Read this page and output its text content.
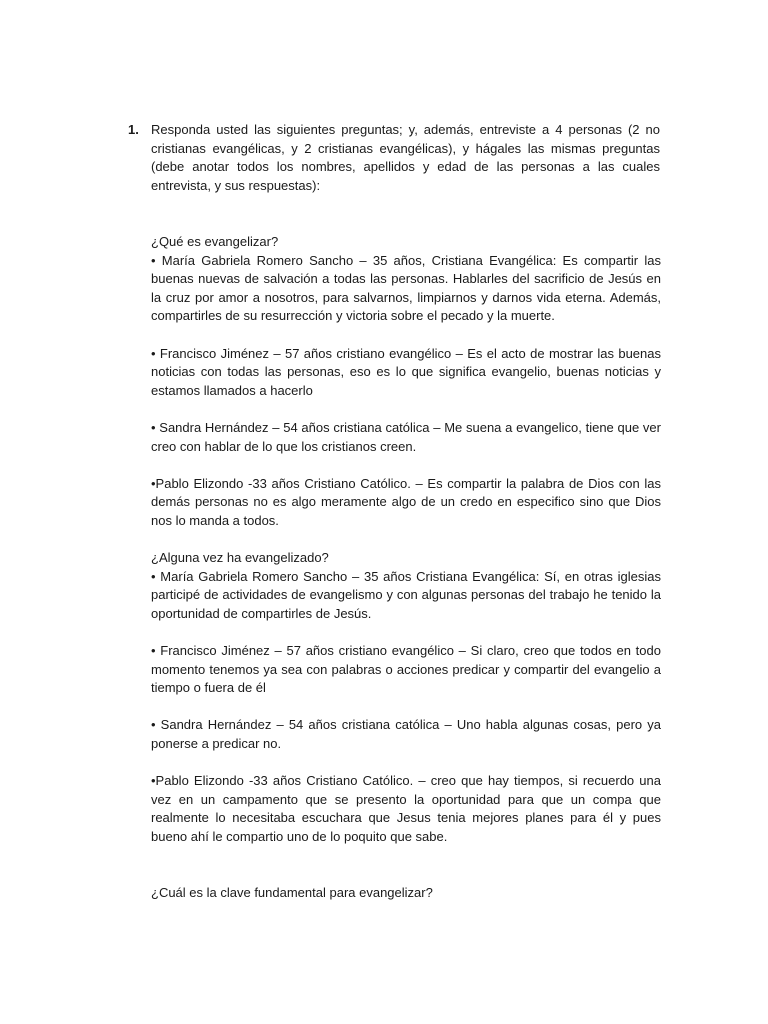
1. Responda usted las siguientes preguntas; y, además, entreviste a 4 personas (2 no cristianas evangélicas, y 2 cristianas evangélicas), y hágales las mismas preguntas (debe anotar todos los nombres, apellidos y edad de las personas a las cuales entrevista, y sus respuestas):

¿Qué es evangelizar?

• María Gabriela Romero Sancho – 35 años, Cristiana Evangélica: Es compartir las buenas nuevas de salvación a todas las personas. Hablarles del sacrificio de Jesús en la cruz por amor a nosotros, para salvarnos, limpiarnos y darnos vida eterna. Además, compartirles de su resurrección y victoria sobre el pecado y la muerte.

• Francisco Jiménez – 57 años cristiano evangélico – Es el acto de mostrar las buenas noticias con todas las personas, eso es lo que significa evangelio, buenas noticias y estamos llamados a hacerlo

• Sandra Hernández – 54 años cristiana católica – Me suena a evangelico, tiene que ver creo con hablar de lo que los cristianos creen.

•Pablo Elizondo -33 años Cristiano Católico. – Es compartir la palabra de Dios con las demás personas no es algo meramente algo de un credo en especifico sino que Dios nos lo manda a todos.

¿Alguna vez ha evangelizado?

• María Gabriela Romero Sancho – 35 años Cristiana Evangélica: Sí, en otras iglesias participé de actividades de evangelismo y con algunas personas del trabajo he tenido la oportunidad de compartirles de Jesús.

• Francisco Jiménez – 57 años cristiano evangélico – Si claro, creo que todos en todo momento tenemos ya sea con palabras o acciones predicar y compartir del evangelio a tiempo o fuera de él

• Sandra Hernández – 54 años cristiana católica – Uno habla algunas cosas, pero ya ponerse a predicar no.

•Pablo Elizondo -33 años Cristiano Católico. – creo que hay tiempos, si recuerdo una vez en un campamento que se presento la oportunidad para que un compa que realmente lo necesitaba escuchara que Jesus tenia mejores planes para él y pues bueno ahí le compartio uno de lo poquito que sabe.

¿Cuál es la clave fundamental para evangelizar?
